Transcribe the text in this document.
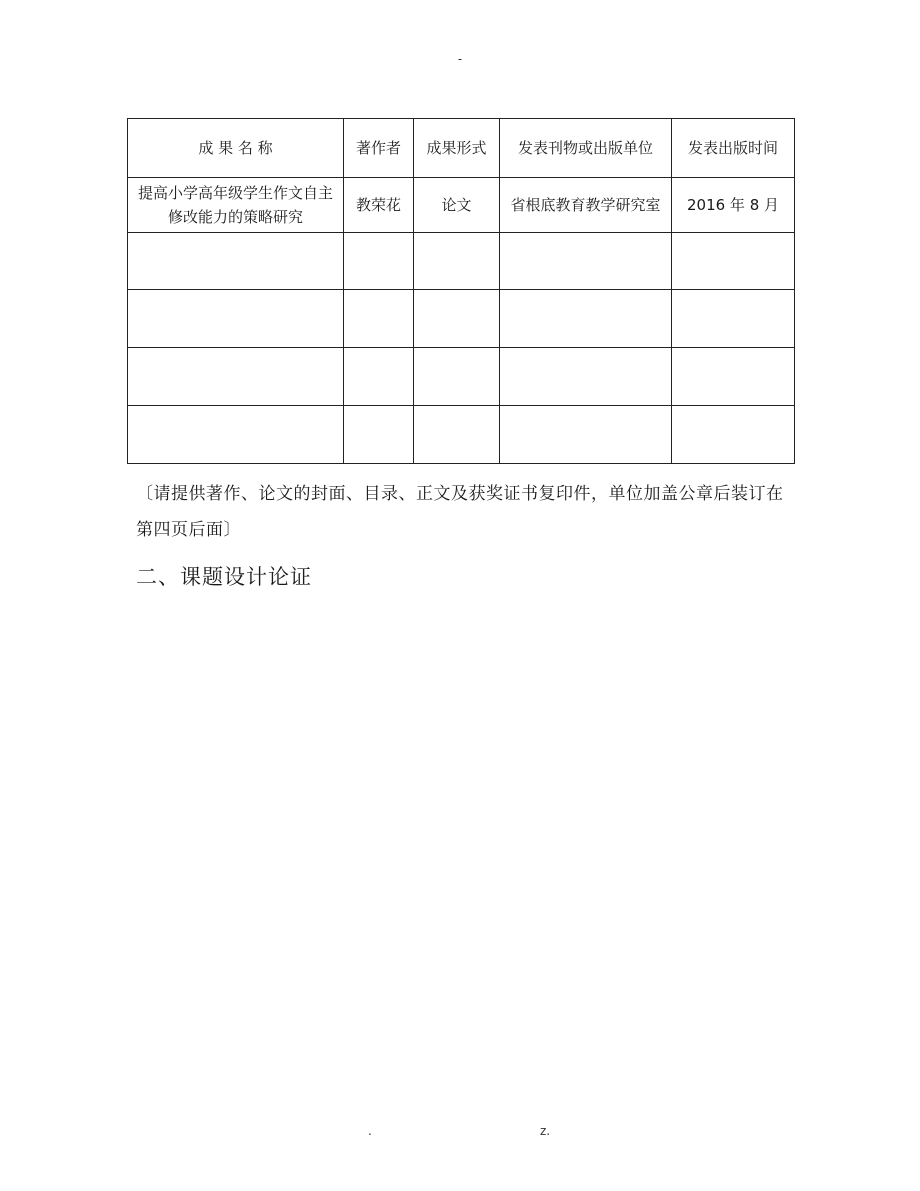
-
成 果 名 称	著作者	成果形式	发表刊物或出版单位	发表出版时间
提高小学高年级学生作文自主修改能力的策略研究	教荣花	论文	省根底教育教学研究室	2016 年 8 月

〔请提供著作、论文的封面、目录、正文及获奖证书复印件，单位加盖公章后装订在第四页后面〕
二、课题设计论证
.	z.
